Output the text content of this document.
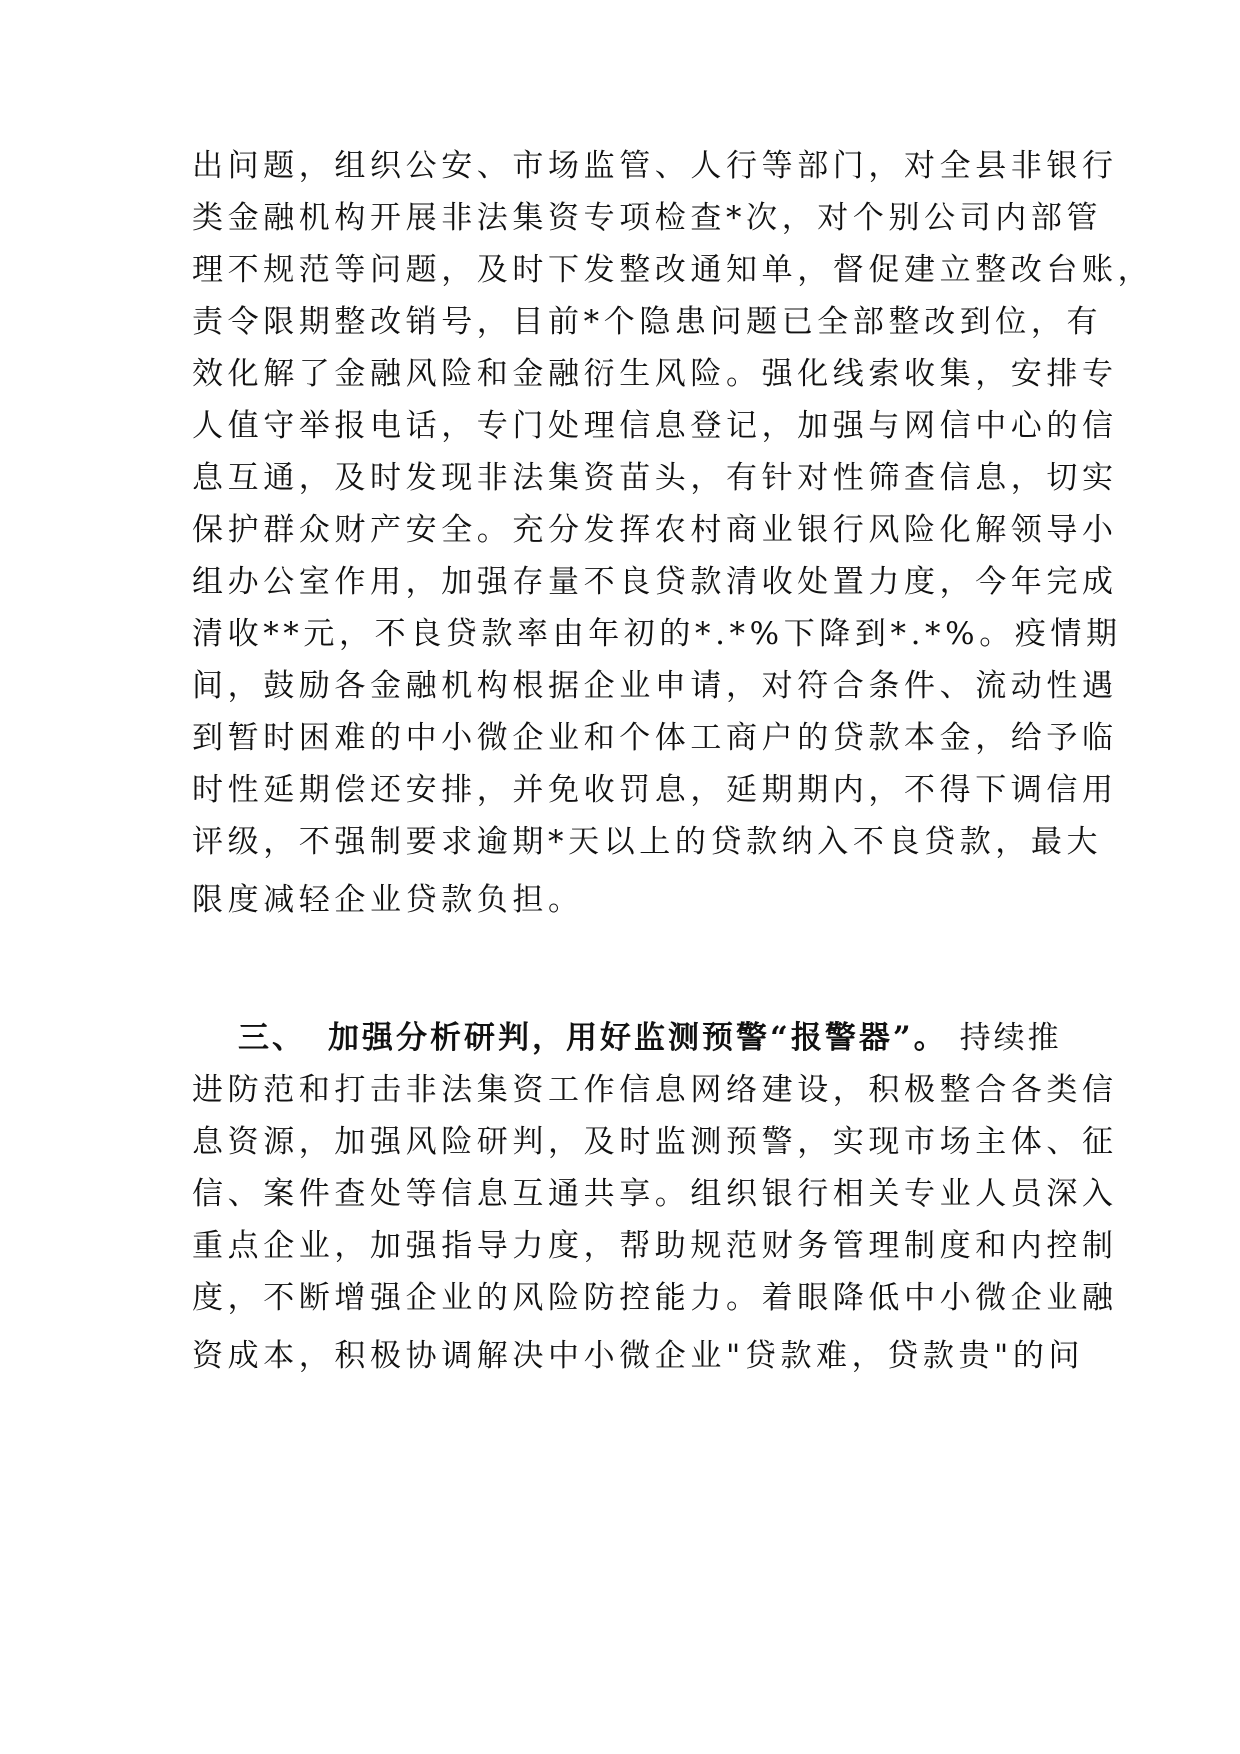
出问题，组织公安、市场监管、人行等部门，对全县非银行
类金融机构开展非法集资专项检查*次，对个别公司内部管
理不规范等问题，及时下发整改通知单，督促建立整改台账，
责令限期整改销号，目前*个隐患问题已全部整改到位，有
效化解了金融风险和金融衍生风险。强化线索收集，安排专
人值守举报电话，专门处理信息登记，加强与网信中心的信
息互通，及时发现非法集资苗头，有针对性筛查信息，切实
保护群众财产安全。充分发挥农村商业银行风险化解领导小
组办公室作用，加强存量不良贷款清收处置力度，今年完成
清收**元，不良贷款率由年初的*.*%下降到*.*%。疫情期
间，鼓励各金融机构根据企业申请，对符合条件、流动性遇
到暂时困难的中小微企业和个体工商户的贷款本金，给予临
时性延期偿还安排，并免收罚息，延期期内，不得下调信用
评级，不强制要求逾期*天以上的贷款纳入不良贷款，最大
限度减轻企业贷款负担。
三、 加强分析研判，用好监测预警“报警器”。 持续推
进防范和打击非法集资工作信息网络建设，积极整合各类信
息资源，加强风险研判，及时监测预警，实现市场主体、征
信、案件查处等信息互通共享。组织银行相关专业人员深入
重点企业，加强指导力度，帮助规范财务管理制度和内控制
度，不断增强企业的风险防控能力。着眼降低中小微企业融
资成本，积极协调解决中小微企业"贷款难，贷款贵"的问
